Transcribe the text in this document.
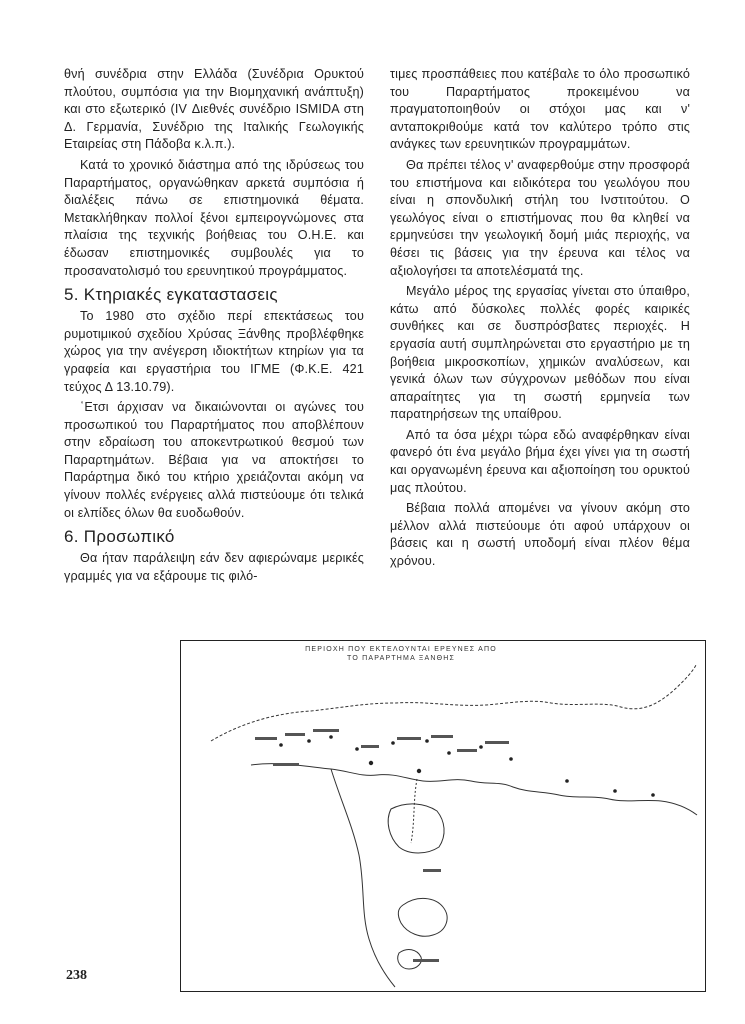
θνή συνέδρια στην Ελλάδα (Συνέδρια Ορυκτού πλούτου, συμπόσια για την Βιομηχανική ανάπτυξη) και στο εξωτερικό (IV Διεθνές συνέδριο ISMIDA στη Δ. Γερμανία, Συνέδριο της Ιταλικής Γεωλογικής Εταιρείας στη Πάδοβα κ.λ.π.).

Κατά το χρονικό διάστημα από της ιδρύσεως του Παραρτήματος, οργανώθηκαν αρκετά συμπόσια ή διαλέξεις πάνω σε επιστημονικά θέματα. Μετακλήθηκαν πολλοί ξένοι εμπειρογνώμονες στα πλαίσια της τεχνικής βοήθειας του Ο.Η.Ε. και έδωσαν επιστημονικές συμβουλές για το προσανατολισμό του ερευνητικού προγράμματος.

5. Κτηριακές εγκαταστασεις

Το 1980 στο σχέδιο περί επεκτάσεως του ρυμοτιμικού σχεδίου Χρύσας Ξάνθης προβλέφθηκε χώρος για την ανέγερση ιδιοκτήτων κτηρίων για τα γραφεία και εργαστήρια του ΙΓΜΕ (Φ.Κ.Ε. 421 τεύχος Δ 13.10.79).

῾Ετσι άρχισαν να δικαιώνονται οι αγώνες του προσωπικού του Παραρτήματος που αποβλέπουν στην εδραίωση του αποκεντρωτικού θεσμού των Παραρτημάτων. Βέβαια για να αποκτήσει το Παράρτημα δικό του κτήριο χρειάζονται ακόμη να γίνουν πολλές ενέργειες αλλά πιστεύουμε ότι τελικά οι ελπίδες όλων θα ευοδωθούν.

6. Προσωπικό

Θα ήταν παράλειψη εάν δεν αφιερώναμε μερικές γραμμές για να εξάρουμε τις φιλό-

τιμες προσπάθειες που κατέβαλε το όλο προσωπικό του Παραρτήματος προκειμένου να πραγματοποιηθούν οι στόχοι μας και ν' ανταποκριθούμε κατά τον καλύτερο τρόπο στις ανάγκες των ερευνητικών προγραμμάτων.

Θα πρέπει τέλος ν' αναφερθούμε στην προσφορά του επιστήμονα και ειδικότερα του γεωλόγου που είναι η σπονδυλική στήλη του Ινστιτούτου. Ο γεωλόγος είναι ο επιστήμονας που θα κληθεί να ερμηνεύσει την γεωλογική δομή μιάς περιοχής, να θέσει τις βάσεις για την έρευνα και τέλος να αξιολογήσει τα αποτελέσματά της.

Μεγάλο μέρος της εργασίας γίνεται στο ύπαιθρο, κάτω από δύσκολες πολλές φορές καιρικές συνθήκες και σε δυσπρόσβατες περιοχές. Η εργασία αυτή συμπληρώνεται στο εργαστήριο με τη βοήθεια μικροσκοπίων, χημικών αναλύσεων, και γενικά όλων των σύγχρονων μεθόδων που είναι απαραίτητες για τη σωστή ερμηνεία των παρατηρήσεων της υπαίθρου.

Από τα όσα μέχρι τώρα εδώ αναφέρθηκαν είναι φανερό ότι ένα μεγάλο βήμα έχει γίνει για τη σωστή και οργανωμένη έρευνα και αξιοποίηση του ορυκτού μας πλούτου.

Βέβαια πολλά απομένει να γίνουν ακόμη στο μέλλον αλλά πιστεύουμε ότι αφού υπάρχουν οι βάσεις και η σωστή υποδομή είναι πλέον θέμα χρόνου.

ΠΕΡΙΟΧΗ ΠΟΥ ΕΚΤΕΛΟΥΝΤΑΙ ΕΡΕΥΝΕΣ ΑΠΟ
ΤΟ ΠΑΡΑΡΤΗΜΑ ΞΑΝΘΗΣ
238
